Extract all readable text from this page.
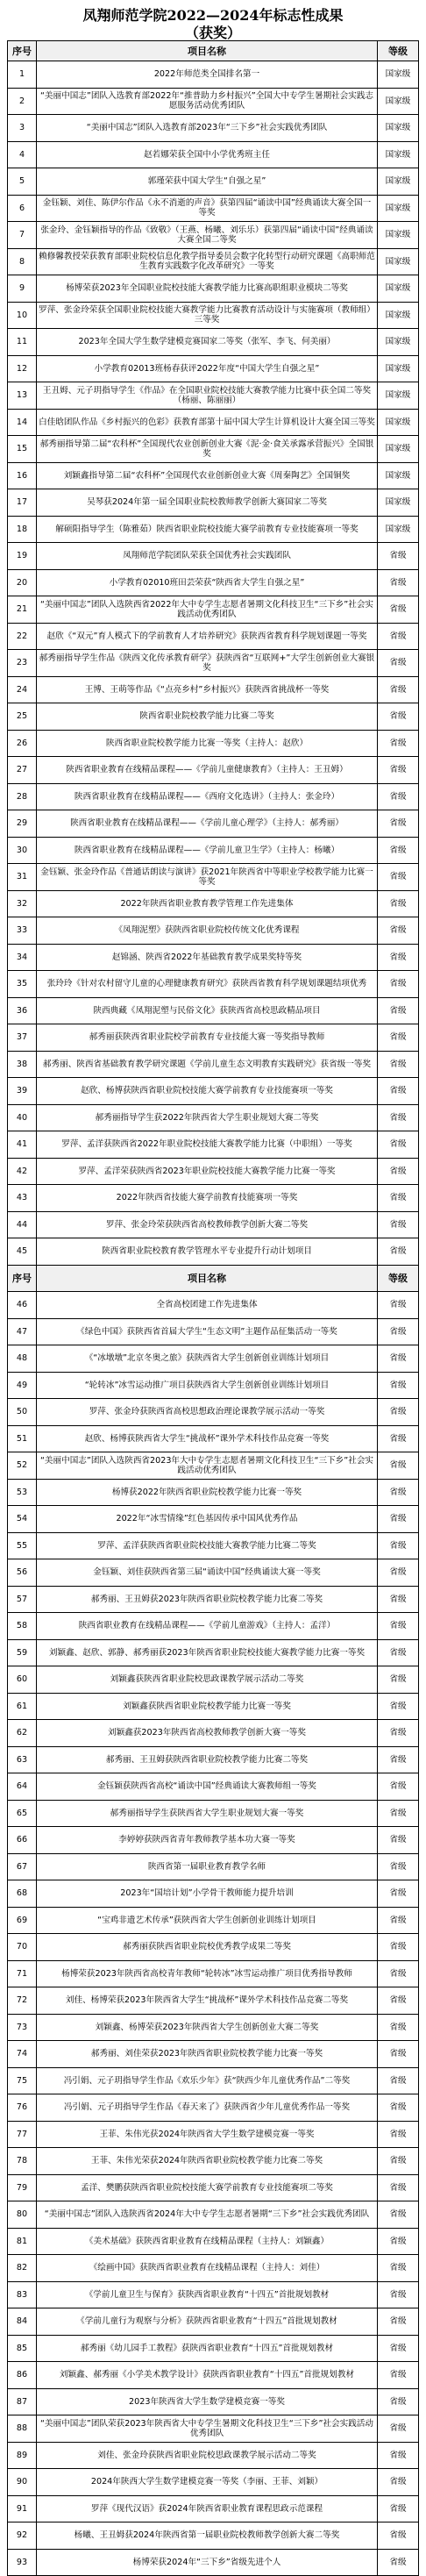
凤翔师范学院2022—2024年标志性成果
（获奖）
序号	项目名称	等级
1	2022年师范类全国排名第一	国家级
2	“美丽中国志”团队入选教育部2022年“推普助力乡村振兴”全国大中专学生暑期社会实践志愿服务活动优秀团队	国家级
3	“美丽中国志”团队入选教育部2023年“三下乡”社会实践优秀团队	国家级
4	赵若娜荣获全国中小学优秀班主任	国家级
5	郭瑾荣获中国大学生“自强之星”	国家级
6	金钰颖、刘佳、陈伊尔作品《永不消逝的声音》获第四届“诵读中国”经典诵读大赛全国一等奖	国家级
7	张金玲、金钰颖指导的作品《致敬》（王燕、杨曦、刘乐乐）获第四届“诵读中国”经典诵读大赛全国二等奖	国家级
8	赖修馨教授荣获教育部职业院校信息化教学指导委员会数字化转型行动研究课题《高职师范生教育实践数字化改革研究》一等奖	国家级
9	杨博荣获2023年全国职业院校技能大赛教学能力比赛高职组职业模块二等奖	国家级
10	罗萍、张金玲荣获全国职业院校技能大赛教学能力比赛教育活动设计与实施赛项（教师组）三等奖	国家级
11	2023年全国大学生数学建模竞赛国家二等奖（张军、李飞、何美丽）	国家级
12	小学教育02013班杨春获评2022年度“中国大学生自强之星”	国家级
13	王丑姆、元子玥指导学生《作品》在全国职业院校技能大赛教学能力比赛中获全国二等奖（杨丽、陈丽丽）	国家级
14	白佳晗团队作品《乡村振兴的色彩》获教育部第十届中国大学生计算机设计大赛全国三等奖	国家级
15	郝秀丽指导第二届“农科杯”全国现代农业创新创业大赛《泥·金·食关承露承营振兴》全国银奖	国家级
16	刘颖鑫指导第二届“农科杯”全国现代农业创新创业大赛《周秦陶艺》全国铜奖	国家级
17	吴琴获2024年第一届全国职业院校教师教学创新大赛国家二等奖	国家级
18	解硕阳指导学生（陈雅茹）陕西省职业院校技能大赛学前教育专业技能赛项一等奖	国家级
19	凤翔师范学院团队荣获全国优秀社会实践团队	省级
20	小学教育02010班田芸荣获“陕西省大学生自强之星”	省级
21	“美丽中国志”团队入选陕西省2022年大中专学生志愿者暑期文化科技卫生“三下乡”社会实践活动优秀团队	省级
22	赵欣《“双元”育人模式下的学前教育人才培养研究》获陕西省教育科学规划课题一等奖	省级
23	郝秀丽指导学生作品《陕西文化传承教育研学》获陕西省“互联网+”大学生创新创业大赛银奖	省级
24	王博、王萌等作品《“点亮乡村”乡村振兴》获陕西省挑战杯一等奖	省级
25	陕西省职业院校教学能力比赛二等奖	省级
26	陕西省职业院校教学能力比赛一等奖（主持人：赵欣）	省级
27	陕西省职业教育在线精品课程——《学前儿童健康教育》（主持人：王丑姆）	省级
28	陕西省职业教育在线精品课程——《西府文化选讲》（主持人：张金玲）	省级
29	陕西省职业教育在线精品课程——《学前儿童心理学》（主持人：郝秀丽）	省级
30	陕西省职业教育在线精品课程——《学前儿童卫生学》（主持人：杨曦）	省级
31	金钰颖、张金玲作品《普通话朗读与演讲》获2021年陕西省中等职业学校教学能力比赛一等奖	省级
32	2022年陕西省职业教育教学管理工作先进集体	省级
33	《凤翔泥塑》获陕西省职业院校传统文化优秀课程	省级
34	赵锦涵、陕西省2022年基础教育教学成果奖特等奖	省级
35	张玲玲《针对农村留守儿童的心理健康教育研究》获陕西省教育科学规划课题结项优秀	省级
36	陕西典藏《凤翔泥塑与民俗文化》获陕西省高校思政精品项目	省级
37	郝秀丽获陕西省职业院校学前教育专业技能大赛一等奖指导教师	省级
38	郝秀丽、陕西省基础教育教学研究课题《学前儿童生态文明教育实践研究》获省级一等奖	省级
39	赵欣、杨博获陕西省职业院校技能大赛学前教育专业技能赛项一等奖	省级
40	郝秀丽指导学生获2022年陕西省大学生职业规划大赛二等奖	省级
41	罗萍、孟洋获陕西省2022年职业院校技能大赛教学能力比赛（中职组）一等奖	省级
42	罗萍、孟洋荣获陕西省2023年职业院校技能大赛教学能力比赛一等奖	省级
43	2022年陕西省技能大赛学前教育技能赛项一等奖	省级
44	罗萍、张金玲荣获陕西省高校教师教学创新大赛二等奖	省级
45	陕西省职业院校教育教学管理水平专业提升行动计划项目	省级
序号	项目名称	等级
46	全省高校团建工作先进集体	省级
47	《绿色中国》获陕西省首届大学生“生态文明”主题作品征集活动一等奖	省级
48	《“冰墩墩”北京冬奥之旅》获陕西省大学生创新创业训练计划项目	省级
49	“轮转冰”冰雪运动推广项目获陕西省大学生创新创业训练计划项目	省级
50	罗萍、张金玲获陕西省高校思想政治理论课教学展示活动一等奖	省级
51	赵欣、杨博获陕西省大学生“挑战杯”课外学术科技作品竞赛一等奖	省级
52	“美丽中国志”团队入选陕西省2023年大中专学生志愿者暑期文化科技卫生“三下乡”社会实践活动优秀团队	省级
53	杨博获2022年陕西省职业院校教学能力比赛一等奖	省级
54	2022年“冰雪情缘”红色基因传承中国风优秀作品	省级
55	罗萍、孟洋获陕西省职业院校技能大赛教学能力比赛二等奖	省级
56	金钰颖、刘佳获陕西省第三届“诵读中国”经典诵读大赛一等奖	省级
57	郝秀丽、王丑姆获2023年陕西省职业院校教学能力比赛二等奖	省级
58	陕西省职业教育在线精品课程——《学前儿童游戏》（主持人：孟洋）	省级
59	刘颖鑫、赵欣、郭静、郝秀丽获2023年陕西省职业院校技能大赛教学能力比赛一等奖	省级
60	刘颖鑫获陕西省职业院校思政课教学展示活动二等奖	省级
61	刘颖鑫获陕西省职业院校教学能力比赛一等奖	省级
62	刘颖鑫获2023年陕西省高校教师教学创新大赛一等奖	省级
63	郝秀丽、王丑姆获陕西省职业院校教学能力比赛二等奖	省级
64	金钰颖获陕西省高校“诵读中国”经典诵读大赛教师组一等奖	省级
65	郝秀丽指导学生获陕西省大学生职业规划大赛一等奖	省级
66	李婷婷获陕西省青年教师教学基本功大赛一等奖	省级
67	陕西省第一届职业教育教学名师	省级
68	2023年“国培计划”小学骨干教师能力提升培训	省级
69	“宝鸡非遗艺术传承”获陕西省大学生创新创业训练计划项目	省级
70	郝秀丽获陕西省职业院校优秀教学成果二等奖	省级
71	杨博荣获2023年陕西省高校青年教师“轮转冰”冰雪运动推广项目优秀指导教师	省级
72	刘佳、杨博荣获2023年陕西省大学生“挑战杯”课外学术科技作品竞赛二等奖	省级
73	刘颖鑫、杨博荣获2023年陕西省大学生创新创业大赛二等奖	省级
74	郝秀丽、刘佳荣获2023年陕西省职业院校教学能力比赛一等奖	省级
75	冯引娟、元子玥指导学生作品《欢乐少年》获“陕西少年儿童优秀作品”二等奖	省级
76	冯引娟、元子玥指导学生作品《春天来了》获陕西省少年儿童优秀作品一等奖	省级
77	王菲、朱伟光获2024年陕西省大学生数学建模竞赛一等奖	省级
78	王菲、朱伟光荣获2024年陕西省职业院校教学能力比赛二等奖	省级
79	孟洋、樊鹏获陕西省职业院校技能大赛学前教育专业技能赛项二等奖	省级
80	“美丽中国志”团队入选陕西省2024年大中专学生志愿者暑期“三下乡”社会实践优秀团队	省级
81	《美术基础》获陕西省职业教育在线精品课程（主持人：刘颖鑫）	省级
82	《绘画中国》获陕西省职业教育在线精品课程（主持人：刘佳）	省级
83	《学前儿童卫生与保育》获陕西省职业教育“十四五”首批规划教材	省级
84	《学前儿童行为观察与分析》获陕西省职业教育“十四五”首批规划教材	省级
85	郝秀丽《幼儿园手工教程》获陕西省职业教育“十四五”首批规划教材	省级
86	刘颖鑫、郝秀丽《小学美术教学设计》获陕西省职业教育“十四五”首批规划教材	省级
87	2023年陕西省大学生数学建模竞赛一等奖	省级
88	“美丽中国志”团队荣获2023年陕西省大中专学生暑期文化科技卫生“三下乡”社会实践活动优秀团队	省级
89	刘佳、张金玲获陕西省职业院校思政课教学展示活动二等奖	省级
90	2024年陕西大学生数学建模竞赛一等奖（李丽、王菲、刘颖）	省级
91	罗萍《现代汉语》获2024年陕西省职业教育课程思政示范课程	省级
92	杨曦、王丑姆获2024年陕西省第一届职业院校教师教学创新大赛二等奖	省级
93	杨博荣获2024年“三下乡”省级先进个人	省级
